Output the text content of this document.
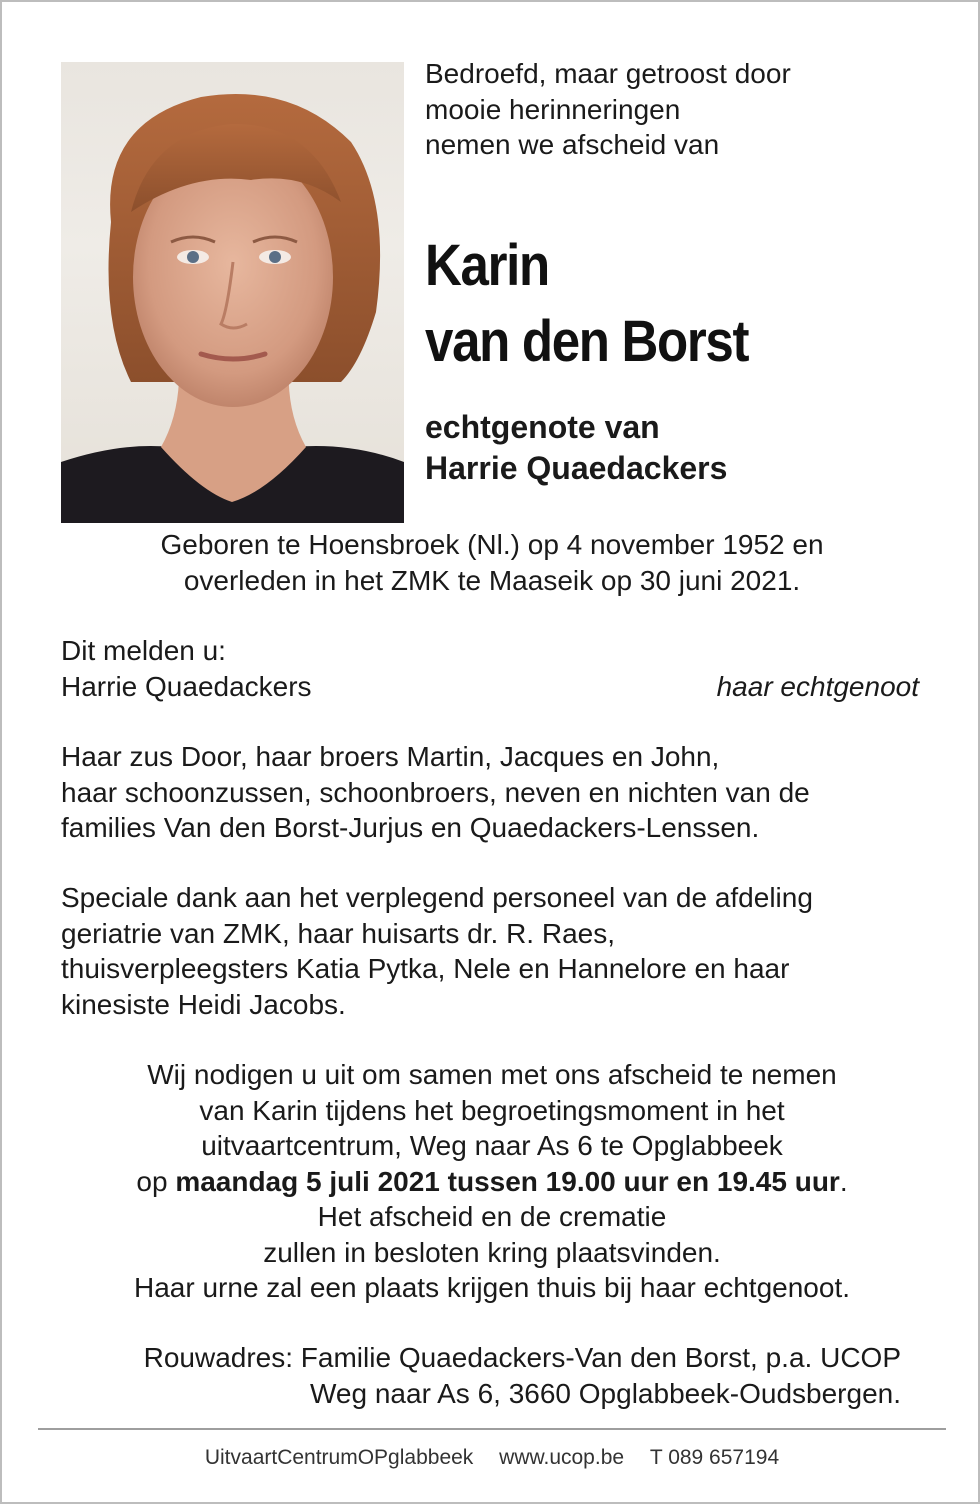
Bedroefd, maar getroost door
mooie herinneringen
nemen we afscheid van
Karin
van den Borst
echtgenote van
Harrie Quaedackers
Geboren te Hoensbroek (Nl.) op 4 november 1952 en
overleden in het ZMK te Maaseik op 30 juni 2021.
Dit melden u:
Harrie Quaedackers	haar echtgenoot
Haar zus Door, haar broers Martin, Jacques en John,
haar schoonzussen, schoonbroers, neven en nichten van de
families Van den Borst-Jurjus en Quaedackers-Lenssen.
Speciale dank aan het verplegend personeel van de afdeling
geriatrie van ZMK, haar huisarts dr. R. Raes,
thuisverpleegsters Katia Pytka, Nele en Hannelore en haar
kinesiste Heidi Jacobs.
Wij nodigen u uit om samen met ons afscheid te nemen
van Karin tijdens het begroetingsmoment in het
uitvaartcentrum, Weg naar As 6 te Opglabbeek
op maandag 5 juli 2021 tussen 19.00 uur en 19.45 uur.
Het afscheid en de crematie
zullen in besloten kring plaatsvinden.
Haar urne zal een plaats krijgen thuis bij haar echtgenoot.
Rouwadres: Familie Quaedackers-Van den Borst, p.a. UCOP
Weg naar As 6, 3660 Opglabbeek-Oudsbergen.
UitvaartCentrumOPglabbeek www.ucop.be T 089 657194
